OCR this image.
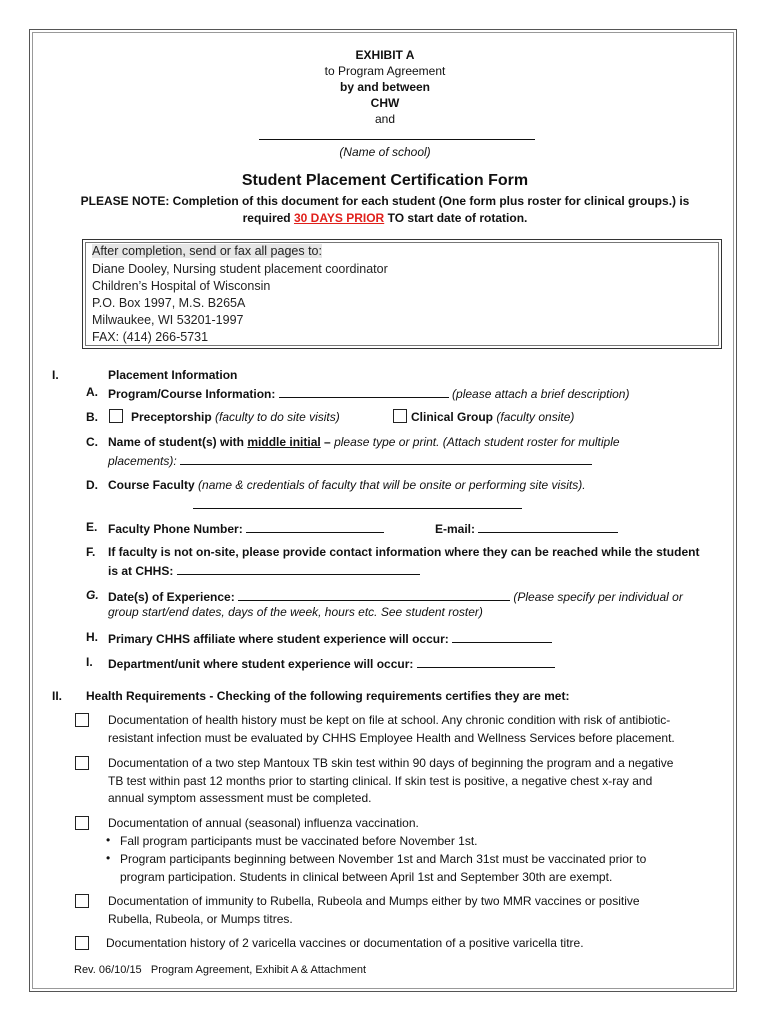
EXHIBIT A
to Program Agreement
by and between
CHW
and
(Name of school)
Student Placement Certification Form
PLEASE NOTE: Completion of this document for each student (One form plus roster for clinical groups.) is
required 30 DAYS PRIOR TO start date of rotation.
After completion, send or fax all pages to:
Diane Dooley, Nursing student placement coordinator
Children’s Hospital of Wisconsin
P.O. Box 1997, M.S. B265A
Milwaukee, WI 53201-1997
FAX: (414) 266-5731
I.	Placement Information
A. Program/Course Information:	(please attach a brief description)
B.	Preceptorship (faculty to do site visits)	Clinical Group (faculty onsite)
C. Name of student(s) with middle initial – please type or print. (Attach student roster for multiple
placements):
D. Course Faculty (name & credentials of faculty that will be onsite or performing site visits).
E. Faculty Phone Number:	E-mail:
F. If faculty is not on-site, please provide contact information where they can be reached while the student
is at CHHS:
G. Date(s) of Experience:	(Please specify per individual or
group start/end dates, days of the week, hours etc. See student roster)
H. Primary CHHS affiliate where student experience will occur:
I. Department/unit where student experience will occur:
II. Health Requirements - Checking of the following requirements certifies they are met:
Documentation of health history must be kept on file at school. Any chronic condition with risk of antibiotic-
resistant infection must be evaluated by CHHS Employee Health and Wellness Services before placement.
Documentation of a two step Mantoux TB skin test within 90 days of beginning the program and a negative
TB test within past 12 months prior to starting clinical. If skin test is positive, a negative chest x-ray and
annual symptom assessment must be completed.
Documentation of annual (seasonal) influenza vaccination.
• Fall program participants must be vaccinated before November 1st.
• Program participants beginning between November 1st and March 31st must be vaccinated prior to
program participation. Students in clinical between April 1st and September 30th are exempt.
Documentation of immunity to Rubella, Rubeola and Mumps either by two MMR vaccines or positive
Rubella, Rubeola, or Mumps titres.
Documentation history of 2 varicella vaccines or documentation of a positive varicella titre.
Rev. 06/10/15 Program Agreement, Exhibit A & Attachment
